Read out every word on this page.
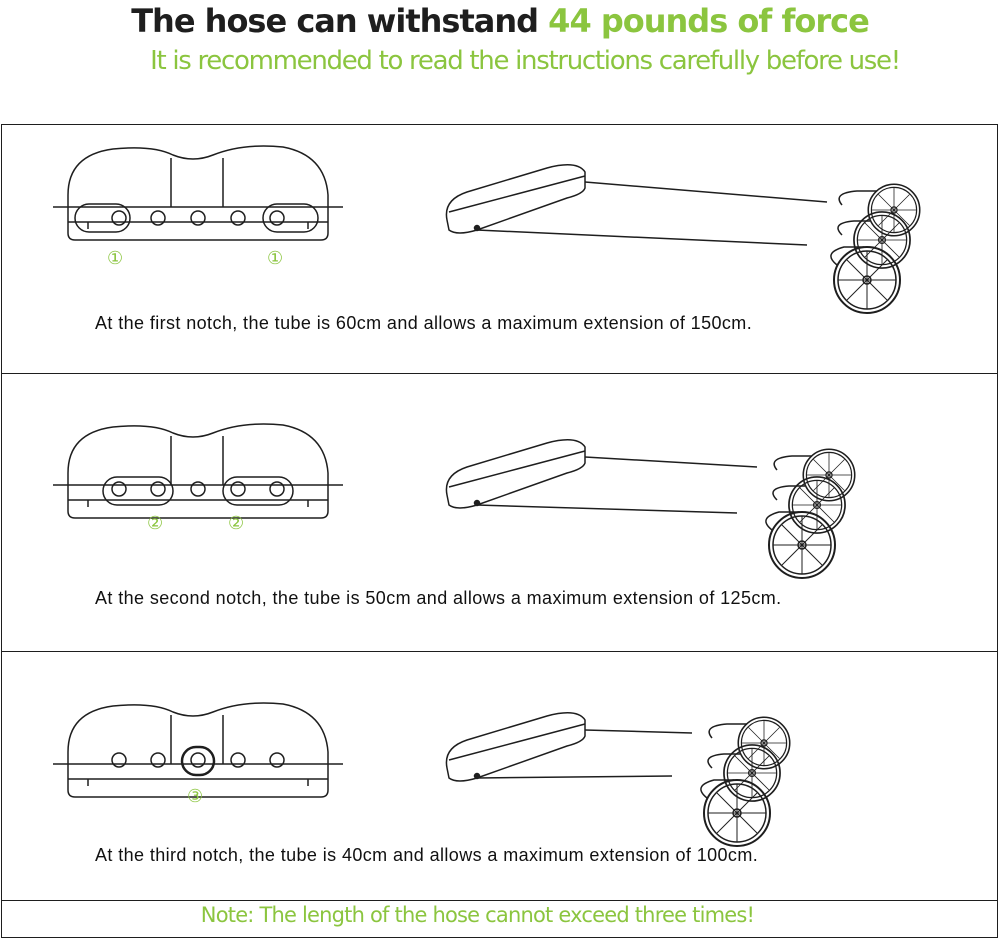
The hose can withstand 44 pounds of force
It is recommended to read the instructions carefully before use!
①	①
②	②
③
At the first notch, the tube is 60cm and allows a maximum extension of 150cm.
At the second notch, the tube is 50cm and allows a maximum extension of 125cm.
At the third notch, the tube is 40cm and allows a maximum extension of 100cm.
Note: The length of the hose cannot exceed three times!
